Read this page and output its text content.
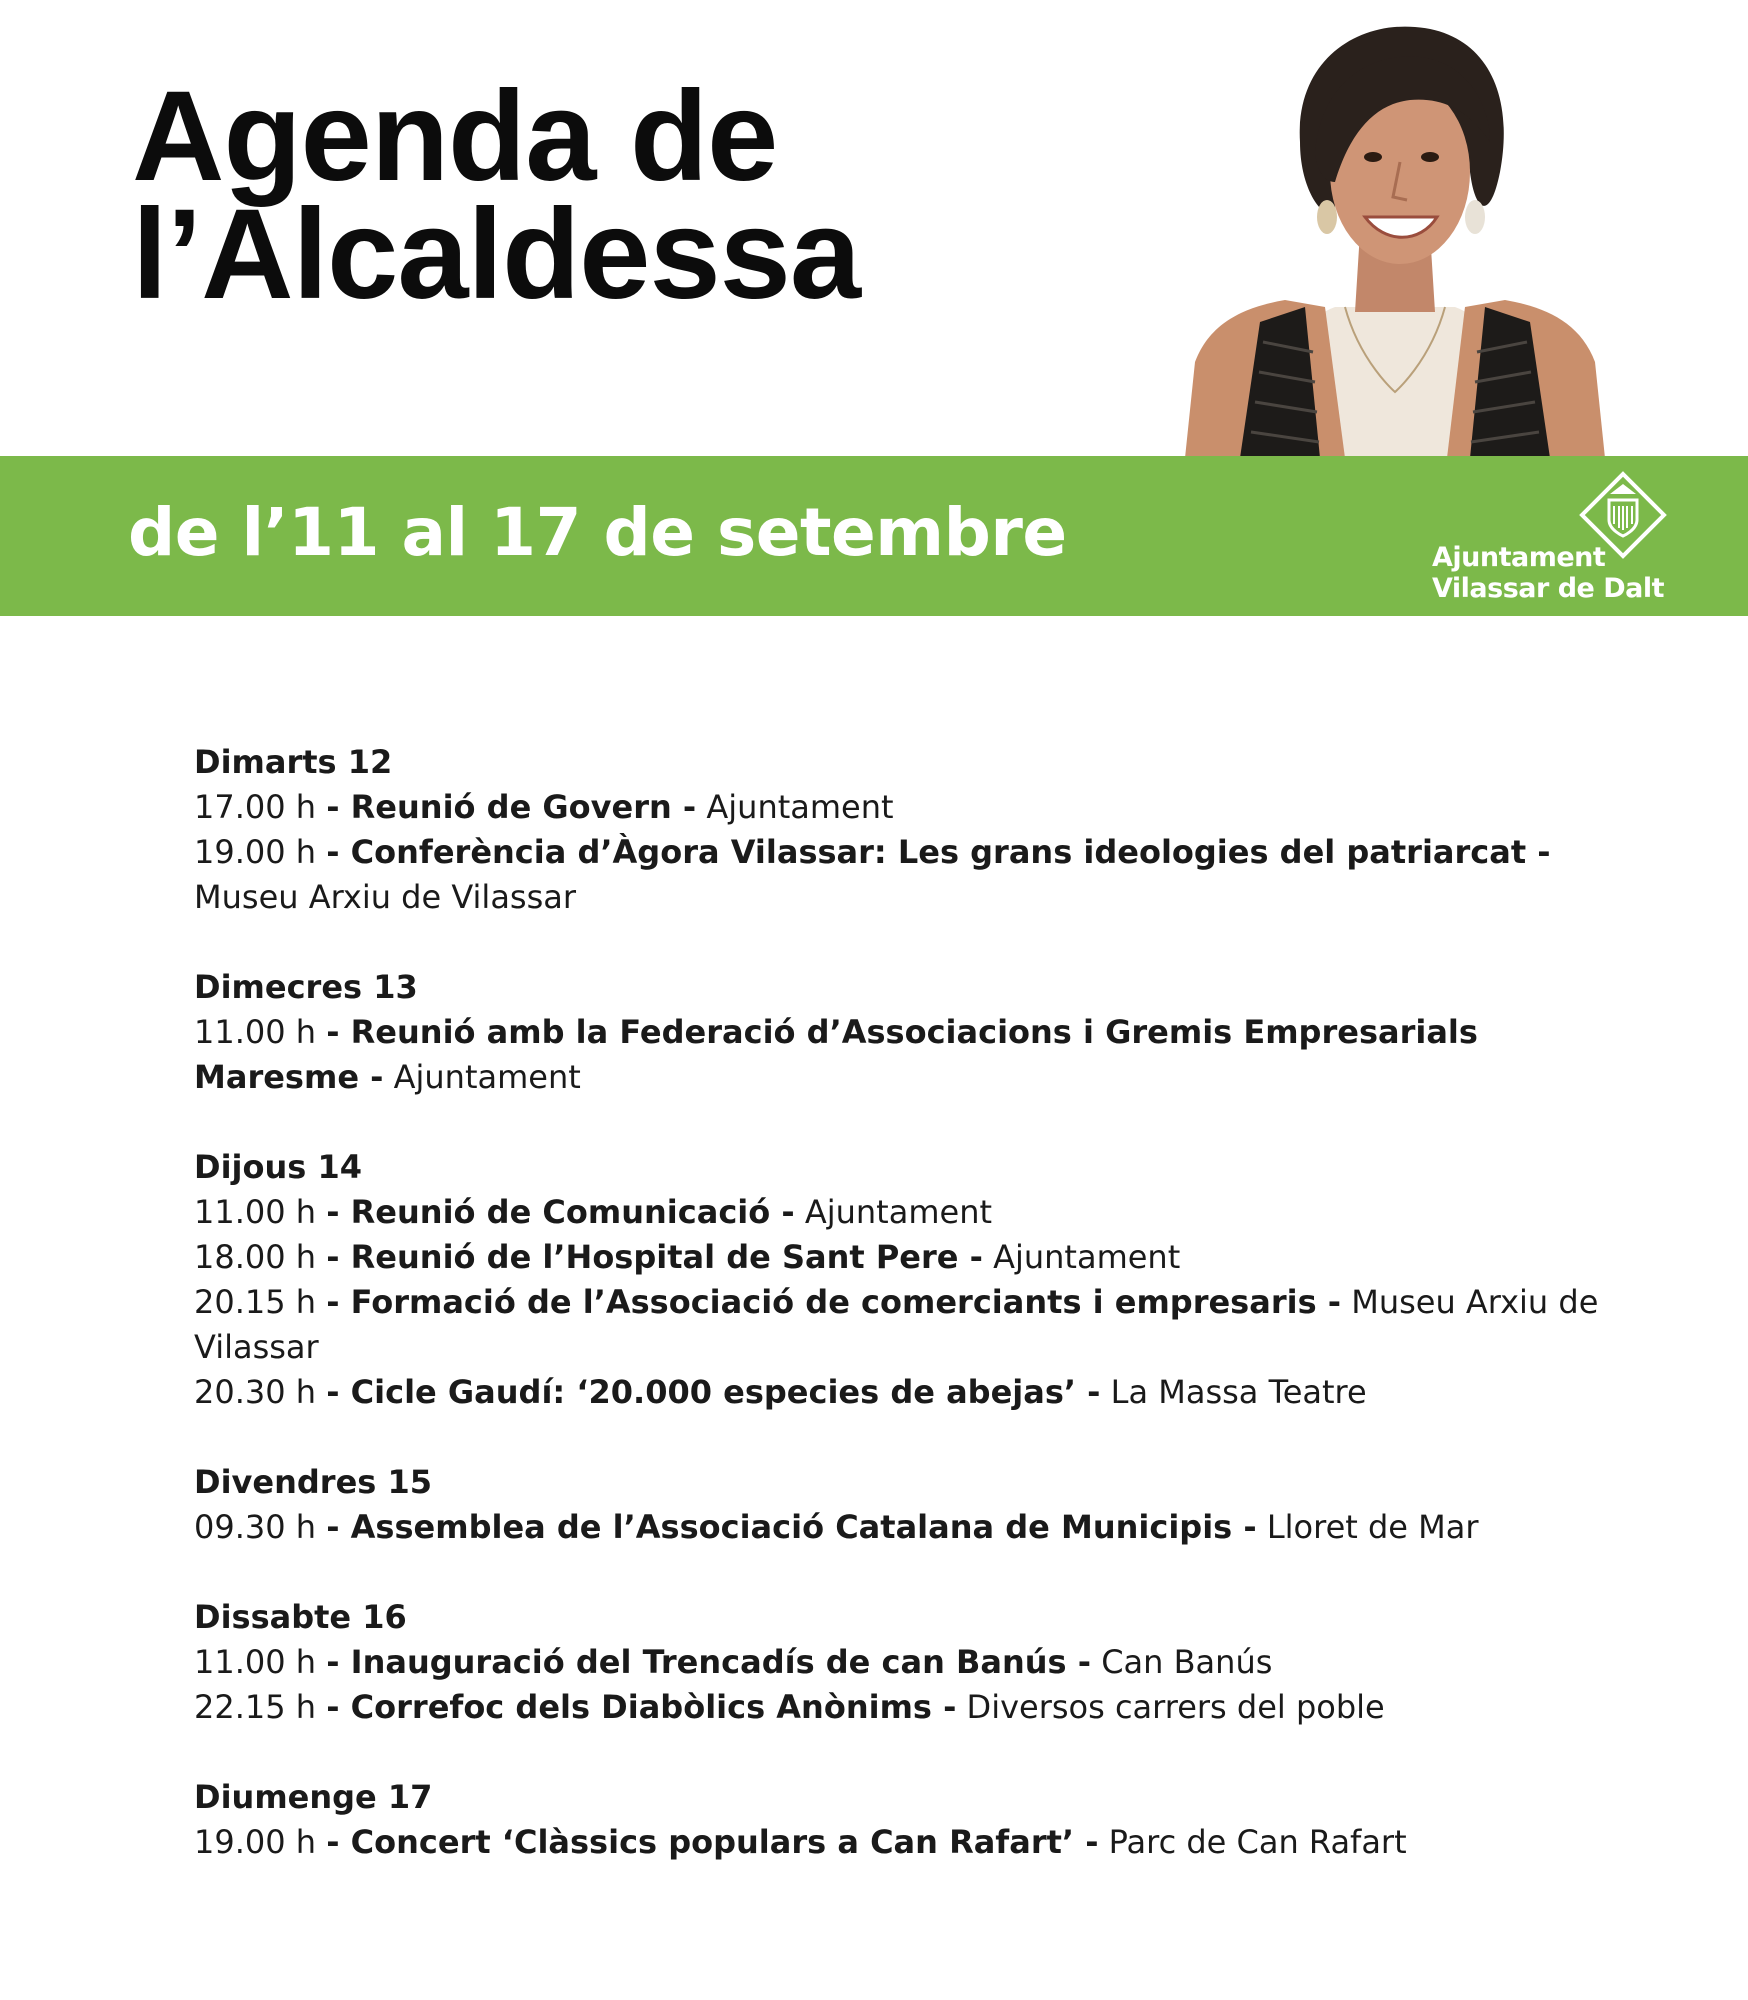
Agenda de
l’Alcaldessa
de l’11 al 17 de setembre	Ajuntament
Vilassar de Dalt

Dimarts 12

17.00 h - Reunió de Govern - Ajuntament

19.00 h - Conferència d’Àgora Vilassar: Les grans ideologies del patriarcat - Museu Arxiu de Vilassar

Dimecres 13

11.00 h - Reunió amb la Federació d’Associacions i Gremis Empresarials Maresme - Ajuntament

Dijous 14

11.00 h - Reunió de Comunicació - Ajuntament

18.00 h - Reunió de l’Hospital de Sant Pere - Ajuntament

20.15 h - Formació de l’Associació de comerciants i empresaris - Museu Arxiu de Vilassar

20.30 h - Cicle Gaudí: ‘20.000 especies de abejas’ - La Massa Teatre

Divendres 15

09.30 h - Assemblea de l’Associació Catalana de Municipis - Lloret de Mar

Dissabte 16

11.00 h - Inauguració del Trencadís de can Banús - Can Banús

22.15 h - Correfoc dels Diabòlics Anònims - Diversos carrers del poble

Diumenge 17

19.00 h - Concert ‘Clàssics populars a Can Rafart’ - Parc de Can Rafart
